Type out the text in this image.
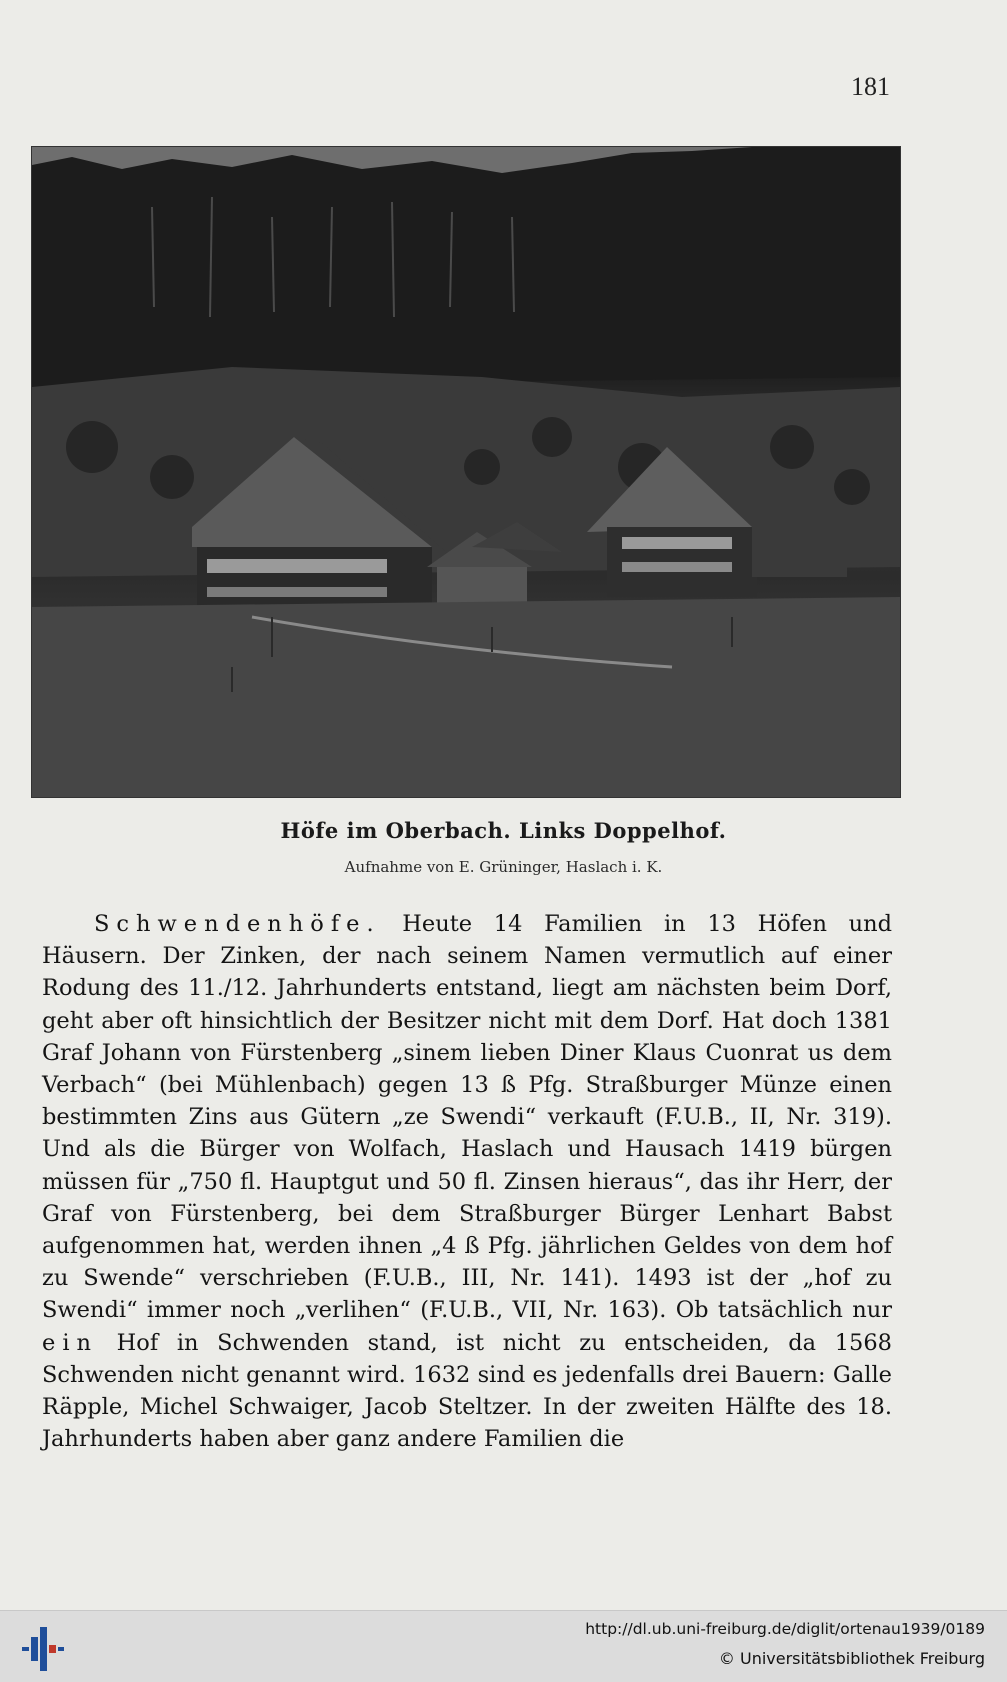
181
Höfe im Oberbach. Links Doppelhof.
Aufnahme von E. Grüninger, Haslach i. K.

Schwendenhöfe. Heute 14 Familien in 13 Höfen und Häusern. Der Zinken, der nach seinem Namen vermutlich auf einer Rodung des 11./12. Jahrhunderts entstand, liegt am nächsten beim Dorf, geht aber oft hinsichtlich der Besitzer nicht mit dem Dorf. Hat doch 1381 Graf Johann von Fürstenberg „sinem lieben Diner Klaus Cuonrat us dem Verbach“ (bei Mühlenbach) gegen 13 ß Pfg. Straßburger Münze einen bestimmten Zins aus Gütern „ze Swendi“ verkauft (F.U.B., II, Nr. 319). Und als die Bürger von Wolfach, Haslach und Hausach 1419 bürgen müssen für „750 fl. Hauptgut und 50 fl. Zinsen hieraus“, das ihr Herr, der Graf von Fürstenberg, bei dem Straßburger Bürger Lenhart Babst aufgenommen hat, werden ihnen „4 ß Pfg. jährlichen Geldes von dem hof zu Swende“ verschrieben (F.U.B., III, Nr. 141). 1493 ist der „hof zu Swendi“ immer noch „verlihen“ (F.U.B., VII, Nr. 163). Ob tatsächlich nur ein Hof in Schwenden stand, ist nicht zu entscheiden, da 1568 Schwenden nicht genannt wird. 1632 sind es jedenfalls drei Bauern: Galle Räpple, Michel Schwaiger, Jacob Steltzer. In der zweiten Hälfte des 18. Jahrhunderts haben aber ganz andere Familien die

http://dl.ub.uni-freiburg.de/diglit/ortenau1939/0189
© Universitätsbibliothek Freiburg
